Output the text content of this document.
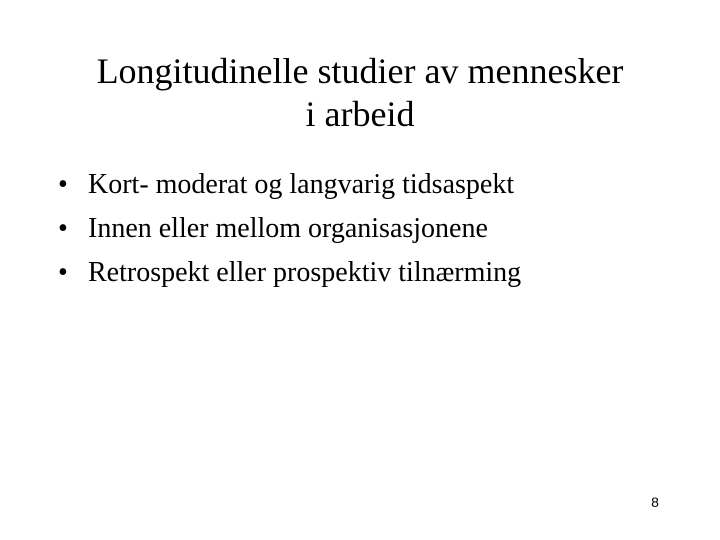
Longitudinelle studier av mennesker
i arbeid
• Kort- moderat og langvarig tidsaspekt
• Innen eller mellom organisasjonene
• Retrospekt eller prospektiv tilnærming
8
